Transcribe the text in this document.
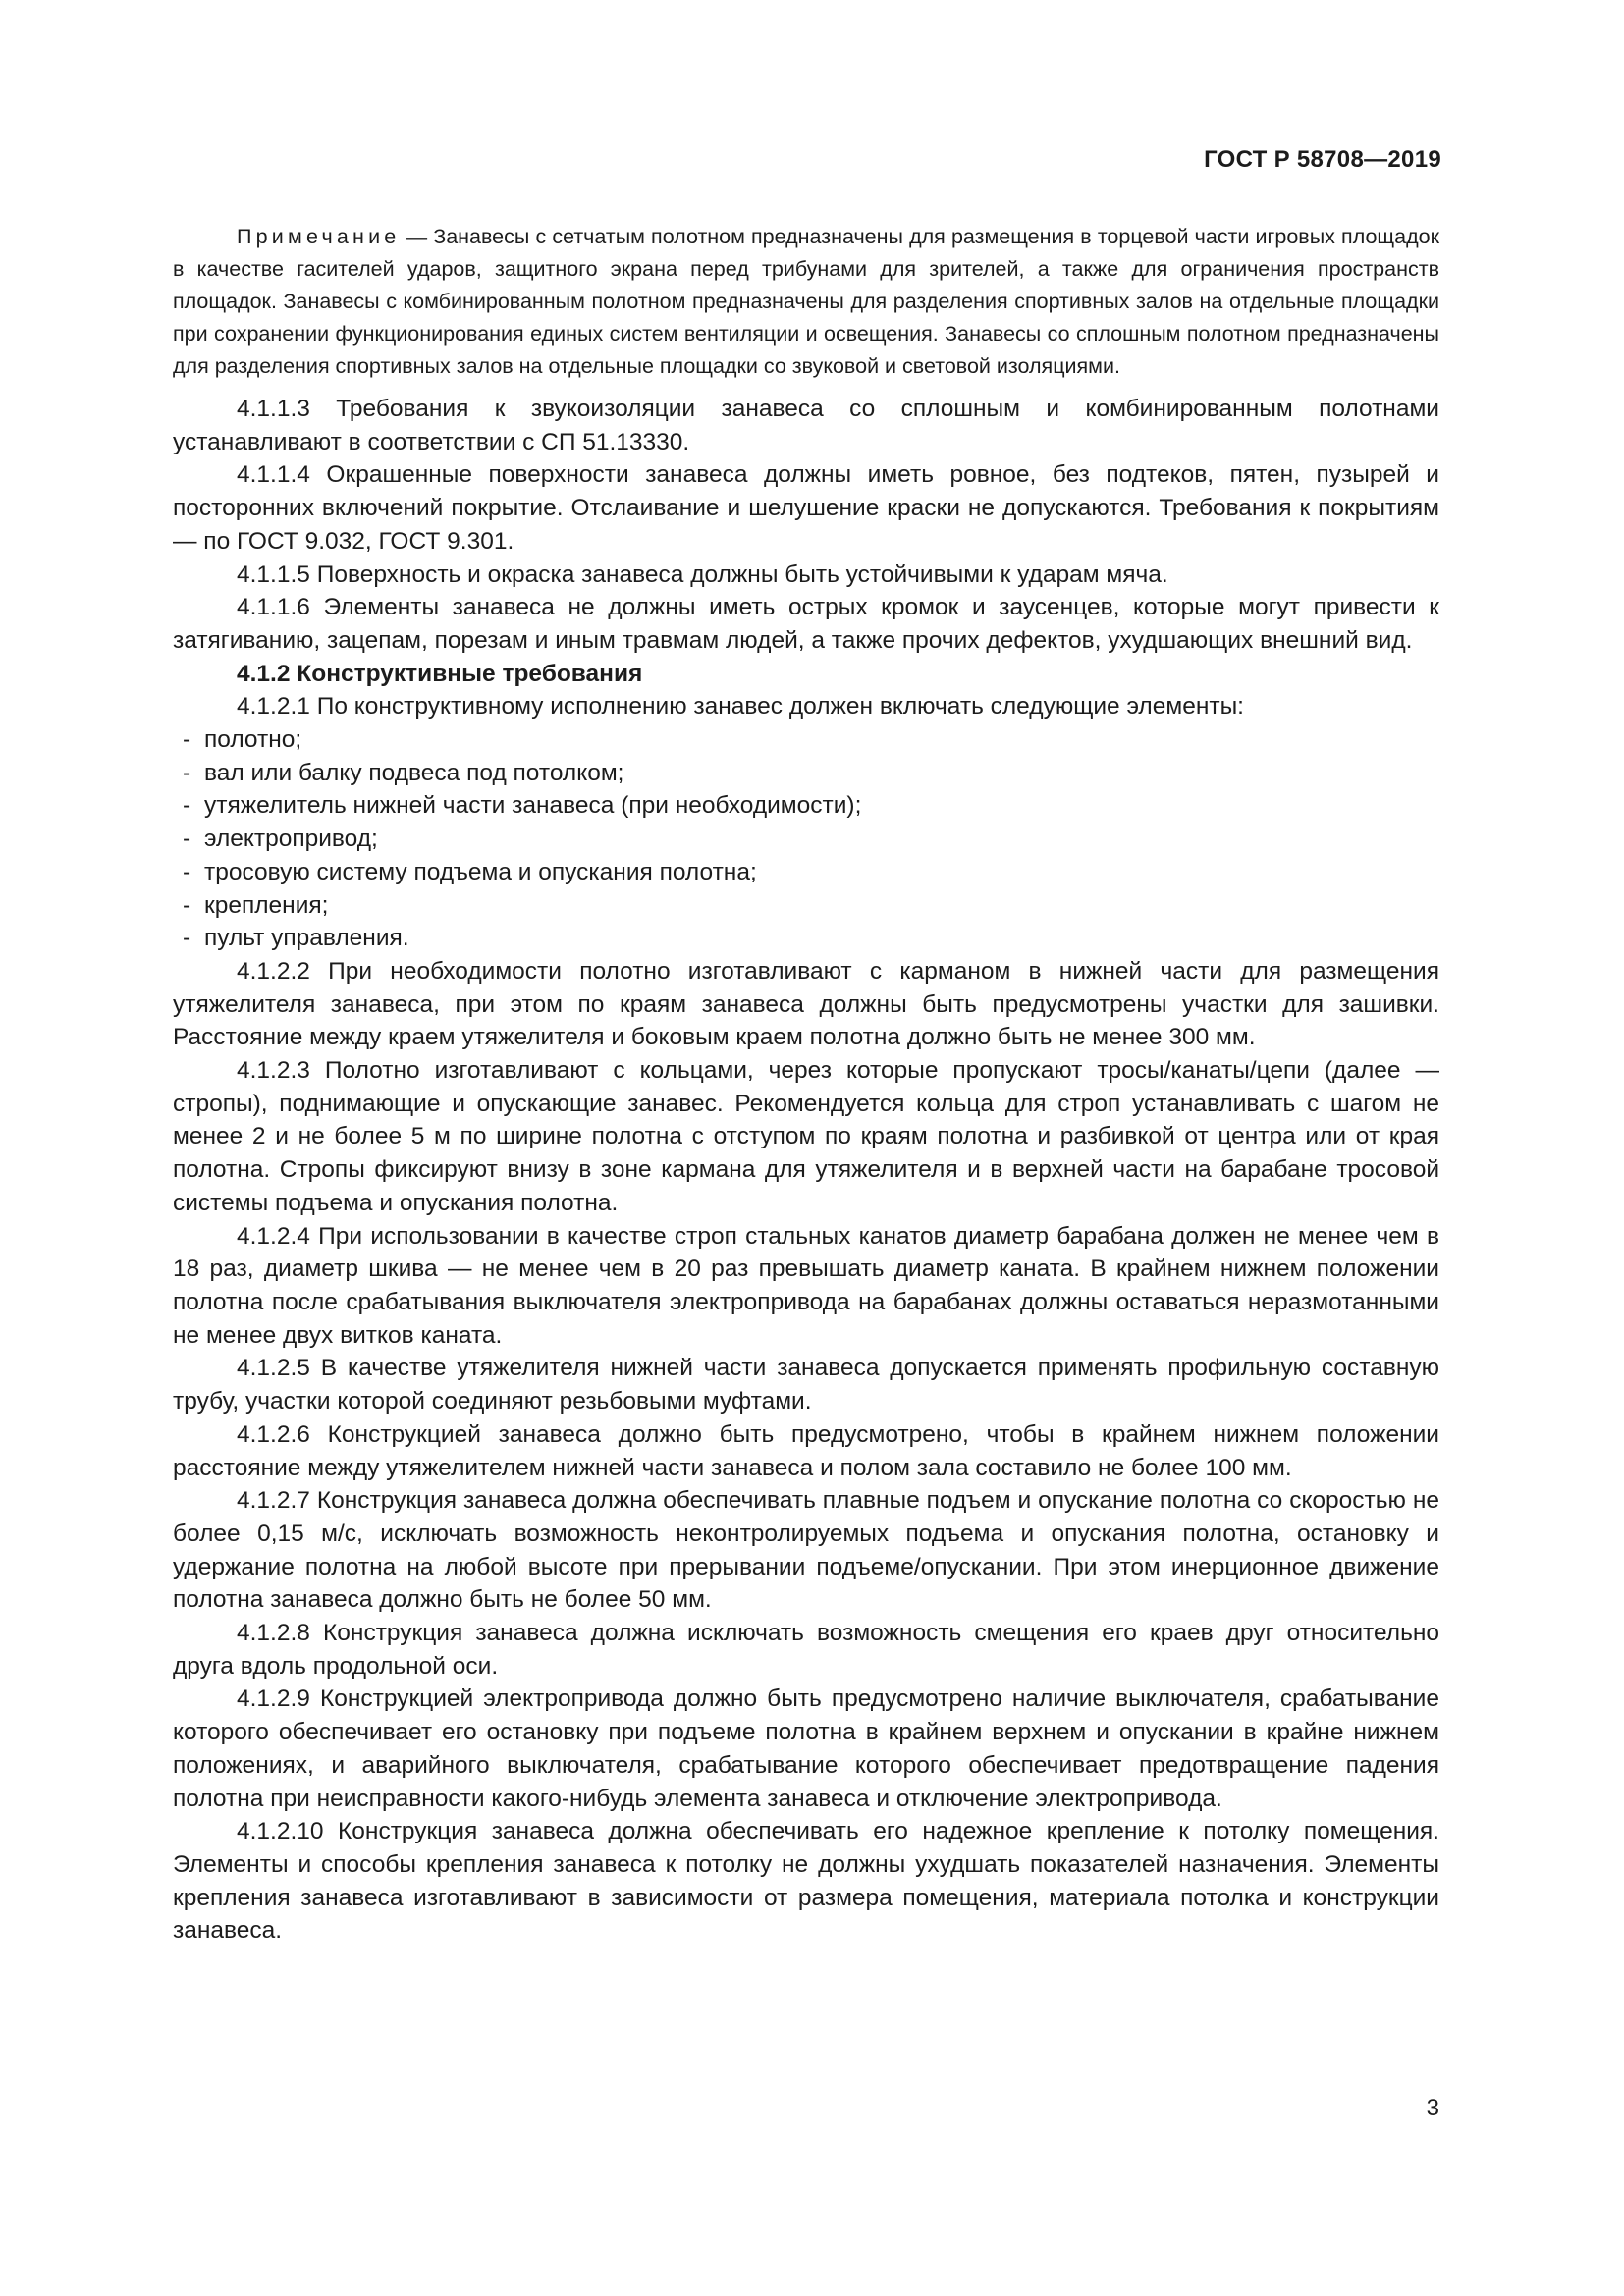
ГОСТ Р 58708—2019

Примечание — Занавесы с сетчатым полотном предназначены для размещения в торцевой части игровых площадок в качестве гасителей ударов, защитного экрана перед трибунами для зрителей, а также для ограничения пространств площадок. Занавесы с комбинированным полотном предназначены для разделения спортивных залов на отдельные площадки при сохранении функционирования единых систем вентиляции и освещения. Занавесы со сплошным полотном предназначены для разделения спортивных залов на отдельные площадки со звуковой и световой изоляциями.

4.1.1.3 Требования к звукоизоляции занавеса со сплошным и комбинированным полотнами устанавливают в соответствии с СП 51.13330.

4.1.1.4 Окрашенные поверхности занавеса должны иметь ровное, без подтеков, пятен, пузырей и посторонних включений покрытие. Отслаивание и шелушение краски не допускаются. Требования к покрытиям — по ГОСТ 9.032, ГОСТ 9.301.

4.1.1.5 Поверхность и окраска занавеса должны быть устойчивыми к ударам мяча.

4.1.1.6 Элементы занавеса не должны иметь острых кромок и заусенцев, которые могут привести к затягиванию, зацепам, порезам и иным травмам людей, а также прочих дефектов, ухудшающих внешний вид.

4.1.2 Конструктивные требования

4.1.2.1 По конструктивному исполнению занавес должен включать следующие элементы:

- полотно;
- вал или балку подвеса под потолком;
- утяжелитель нижней части занавеса (при необходимости);
- электропривод;
- тросовую систему подъема и опускания полотна;
- крепления;
- пульт управления.

4.1.2.2 При необходимости полотно изготавливают с карманом в нижней части для размещения утяжелителя занавеса, при этом по краям занавеса должны быть предусмотрены участки для зашивки. Расстояние между краем утяжелителя и боковым краем полотна должно быть не менее 300 мм.

4.1.2.3 Полотно изготавливают с кольцами, через которые пропускают тросы/канаты/цепи (далее — стропы), поднимающие и опускающие занавес. Рекомендуется кольца для строп устанавливать с шагом не менее 2 и не более 5 м по ширине полотна с отступом по краям полотна и разбивкой от центра или от края полотна. Стропы фиксируют внизу в зоне кармана для утяжелителя и в верхней части на барабане тросовой системы подъема и опускания полотна.

4.1.2.4 При использовании в качестве строп стальных канатов диаметр барабана должен не менее чем в 18 раз, диаметр шкива — не менее чем в 20 раз превышать диаметр каната. В крайнем нижнем положении полотна после срабатывания выключателя электропривода на барабанах должны оставаться неразмотанными не менее двух витков каната.

4.1.2.5 В качестве утяжелителя нижней части занавеса допускается применять профильную составную трубу, участки которой соединяют резьбовыми муфтами.

4.1.2.6 Конструкцией занавеса должно быть предусмотрено, чтобы в крайнем нижнем положении расстояние между утяжелителем нижней части занавеса и полом зала составило не более 100 мм.

4.1.2.7 Конструкция занавеса должна обеспечивать плавные подъем и опускание полотна со скоростью не более 0,15 м/с, исключать возможность неконтролируемых подъема и опускания полотна, остановку и удержание полотна на любой высоте при прерывании подъеме/опускании. При этом инерционное движение полотна занавеса должно быть не более 50 мм.

4.1.2.8 Конструкция занавеса должна исключать возможность смещения его краев друг относительно друга вдоль продольной оси.

4.1.2.9 Конструкцией электропривода должно быть предусмотрено наличие выключателя, срабатывание которого обеспечивает его остановку при подъеме полотна в крайнем верхнем и опускании в крайне нижнем положениях, и аварийного выключателя, срабатывание которого обеспечивает предотвращение падения полотна при неисправности какого-нибудь элемента занавеса и отключение электропривода.

4.1.2.10 Конструкция занавеса должна обеспечивать его надежное крепление к потолку помещения. Элементы и способы крепления занавеса к потолку не должны ухудшать показателей назначения. Элементы крепления занавеса изготавливают в зависимости от размера помещения, материала потолка и конструкции занавеса.

3
